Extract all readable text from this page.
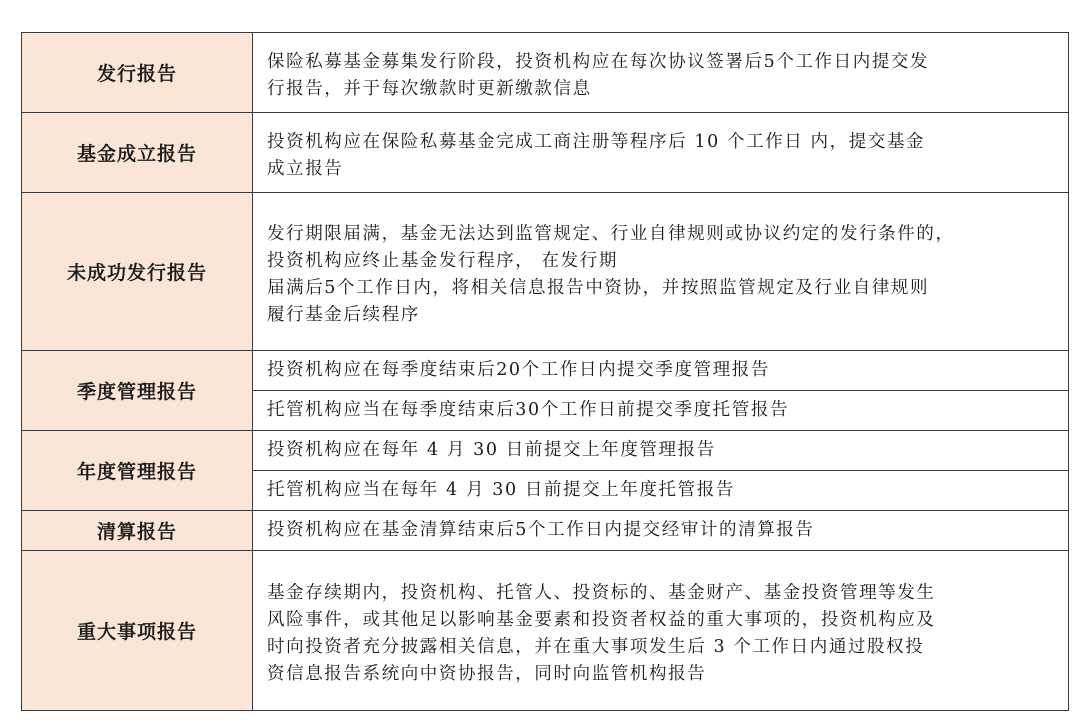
发行报告	保险私募基金募集发行阶段，投资机构应在每次协议签署后5个工作日内提交发
行报告，并于每次缴款时更新缴款信息

基金成立报告	投资机构应在保险私募基金完成工商注册等程序后 10 个工作日 内，提交基金
成立报告

未成功发行报告	发行期限届满，基金无法达到监管规定、行业自律规则或协议约定的发行条件的，
投资机构应终止基金发行程序， 在发行期
届满后5个工作日内，将相关信息报告中资协，并按照监管规定及行业自律规则
履行基金后续程序

季度管理报告	投资机构应在每季度结束后20个工作日内提交季度管理报告

	托管机构应当在每季度结束后30个工作日前提交季度托管报告

年度管理报告	投资机构应在每年 4 月 30 日前提交上年度管理报告

	托管机构应当在每年 4 月 30 日前提交上年度托管报告

清算报告	投资机构应在基金清算结束后5个工作日内提交经审计的清算报告

重大事项报告	基金存续期内，投资机构、托管人、投资标的、基金财产、基金投资管理等发生
风险事件，或其他足以影响基金要素和投资者权益的重大事项的，投资机构应及
时向投资者充分披露相关信息，并在重大事项发生后 3 个工作日内通过股权投
资信息报告系统向中资协报告，同时向监管机构报告
